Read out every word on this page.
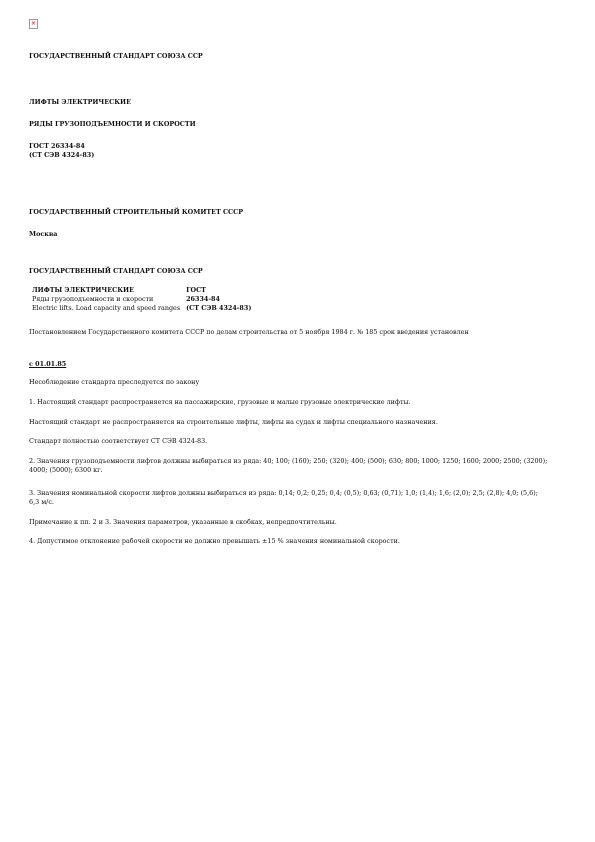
×
ГОСУДАРСТВЕННЫЙ СТАНДАРТ СОЮЗА ССР
ЛИФТЫ ЭЛЕКТРИЧЕСКИЕ
РЯДЫ ГРУЗОПОДЪЕМНОСТИ И СКОРОСТИ
ГОСТ 26334-84
(СТ СЭВ 4324-83)
ГОСУДАРСТВЕННЫЙ СТРОИТЕЛЬНЫЙ КОМИТЕТ СССР
Москва
ГОСУДАРСТВЕННЫЙ СТАНДАРТ СОЮЗА ССР
ЛИФТЫ ЭЛЕКТРИЧЕСКИЕ	ГОСТ
Ряды грузоподъемности и скорости	26334-84
Electric lifts. Load capacity and speed ranges	(СТ СЭВ 4324-83)
Постановлением Государственного комитета СССР по делам строительства от 5 ноября 1984 г. № 185 срок введения установлен
с 01.01.85
Несоблюдение стандарта преследуется по закону
1. Настоящий стандарт распространяется на пассажирские, грузовые и малые грузовые электрические лифты.
Настоящий стандарт не распространяется на строительные лифты, лифты на судах и лифты специального назначения.
Стандарт полностью соответствует СТ СЭВ 4324-83.
2. Значения грузоподъемности лифтов должны выбираться из ряда: 40; 100; (160); 250; (320); 400; (500); 630; 800; 1000; 1250; 1600; 2000; 2500; (3200); 4000; (5000); 6300 кг.
3. Значения номинальной скорости лифтов должны выбираться из ряда: 0,14; 0,2; 0,25; 0,4; (0,5); 0,63; (0,71); 1,0; (1,4); 1,6; (2,0); 2,5; (2,8); 4,0; (5,6); 6,3 м/с.
Примечание к пп. 2 и 3. Значения параметров, указанные в скобках, непредпочтительны.
4. Допустимое отклонение рабочей скорости не должно превышать ±15 % значения номинальной скорости.
